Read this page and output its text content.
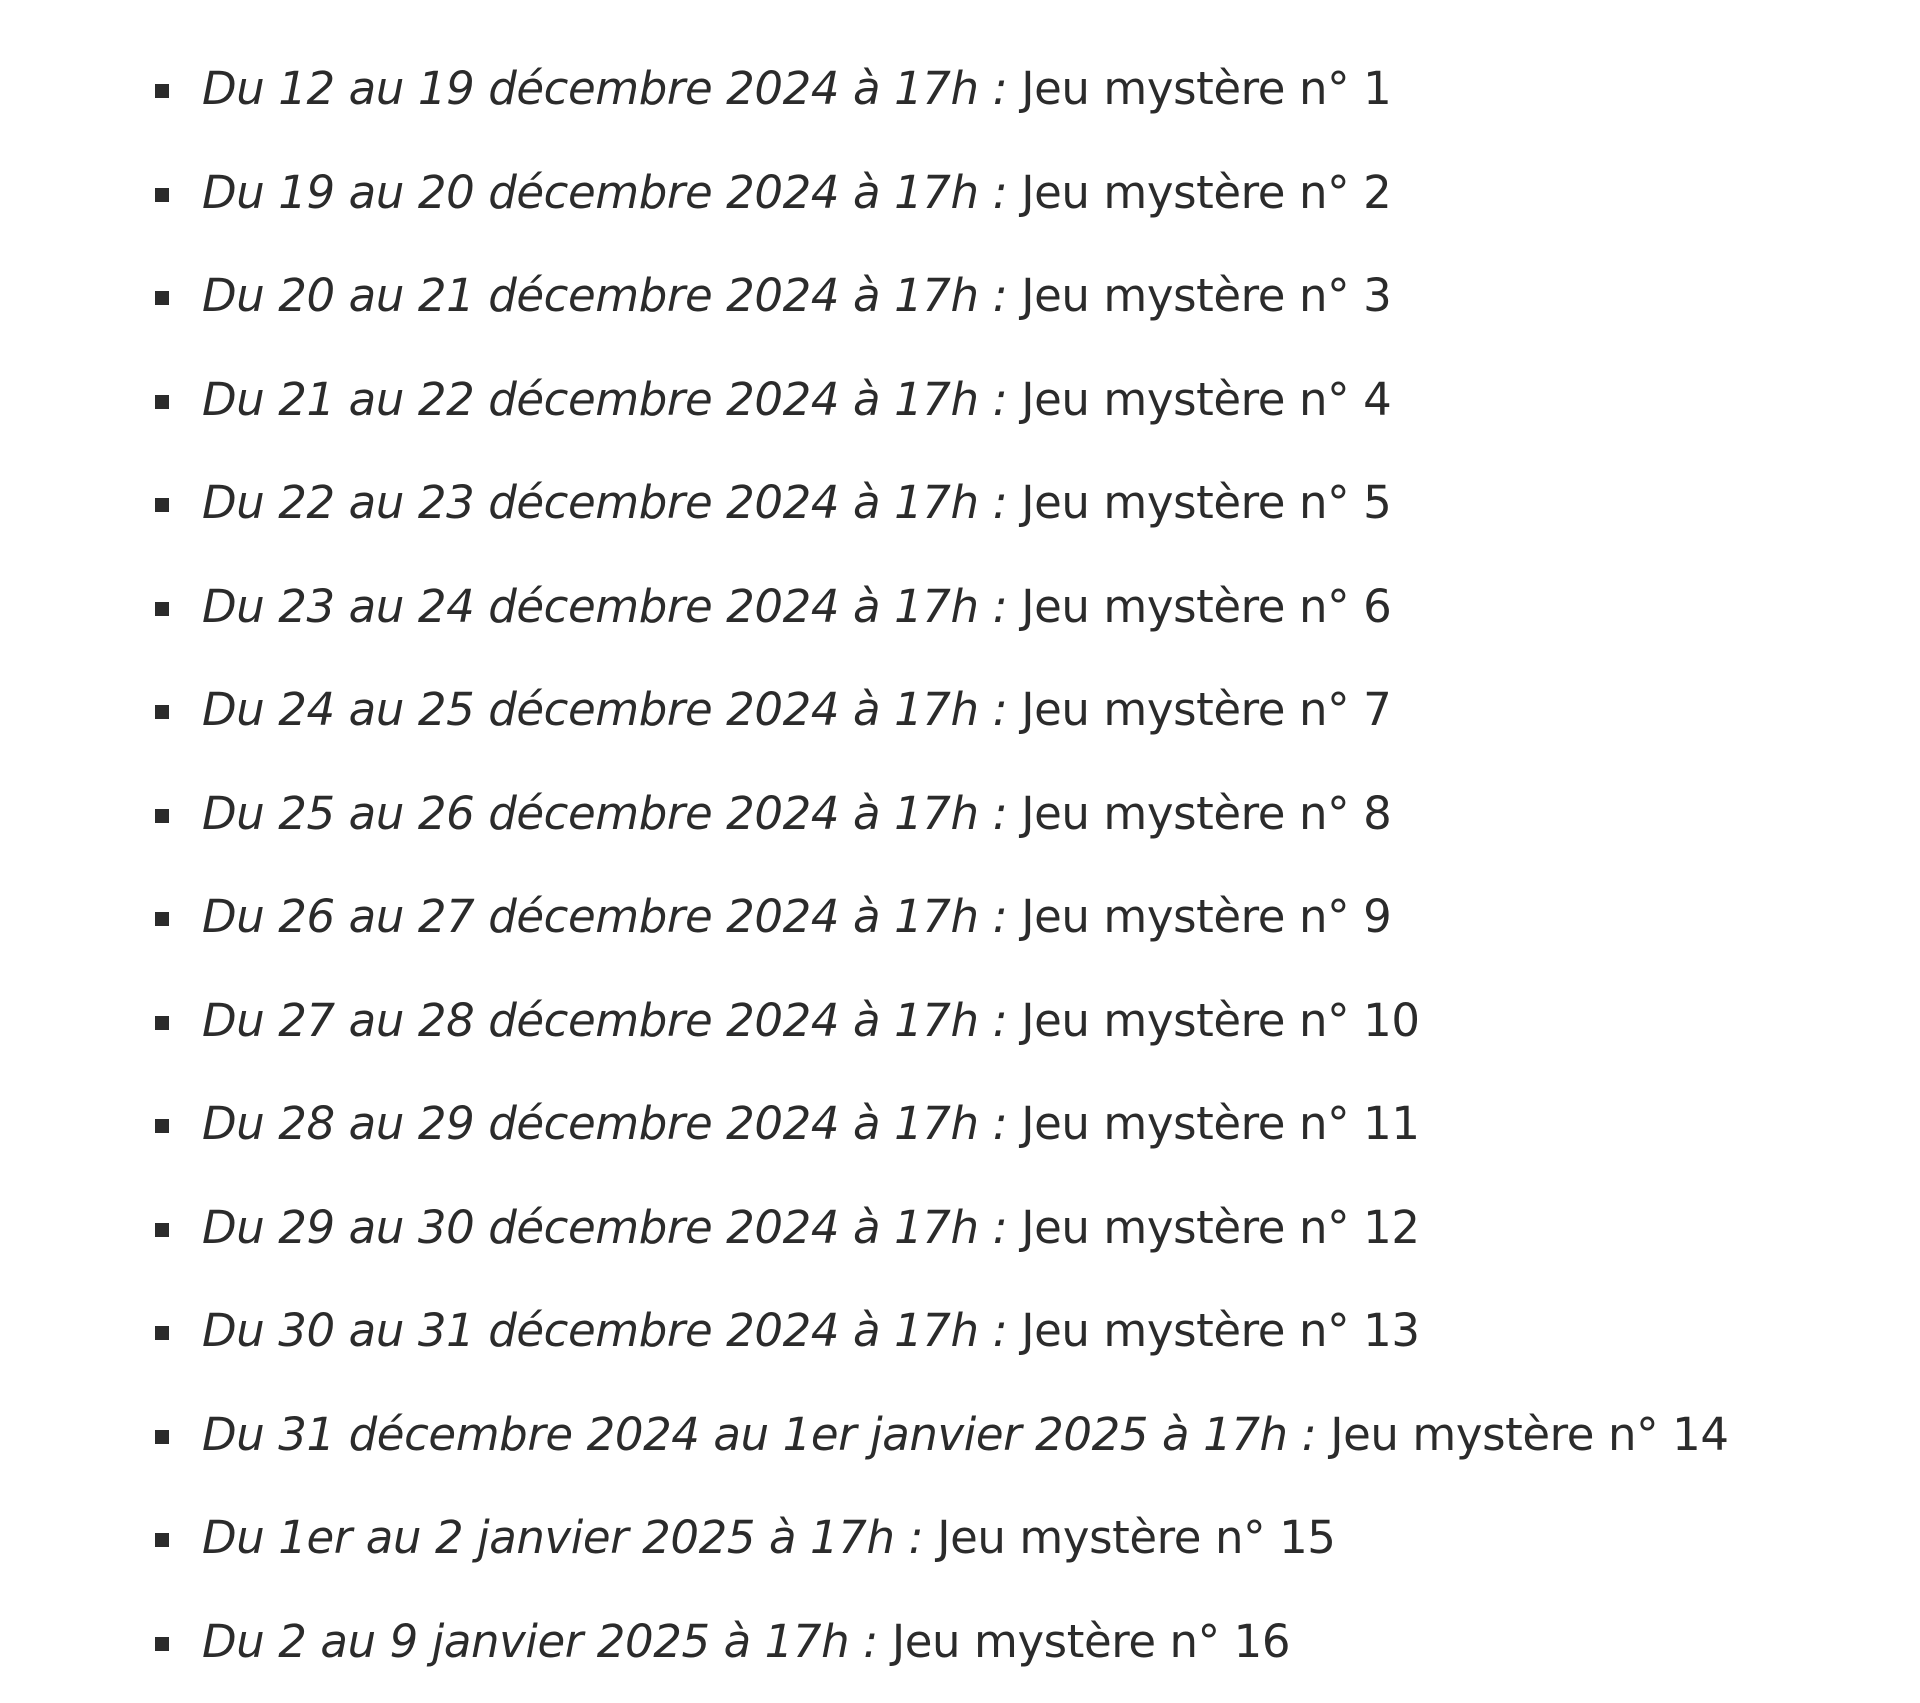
Du 12 au 19 décembre 2024 à 17h : Jeu mystère n° 1
Du 19 au 20 décembre 2024 à 17h : Jeu mystère n° 2
Du 20 au 21 décembre 2024 à 17h : Jeu mystère n° 3
Du 21 au 22 décembre 2024 à 17h : Jeu mystère n° 4
Du 22 au 23 décembre 2024 à 17h : Jeu mystère n° 5
Du 23 au 24 décembre 2024 à 17h : Jeu mystère n° 6
Du 24 au 25 décembre 2024 à 17h : Jeu mystère n° 7
Du 25 au 26 décembre 2024 à 17h : Jeu mystère n° 8
Du 26 au 27 décembre 2024 à 17h : Jeu mystère n° 9
Du 27 au 28 décembre 2024 à 17h : Jeu mystère n° 10
Du 28 au 29 décembre 2024 à 17h : Jeu mystère n° 11
Du 29 au 30 décembre 2024 à 17h : Jeu mystère n° 12
Du 30 au 31 décembre 2024 à 17h : Jeu mystère n° 13
Du 31 décembre 2024 au 1er janvier 2025 à 17h : Jeu mystère n° 14
Du 1er au 2 janvier 2025 à 17h : Jeu mystère n° 15
Du 2 au 9 janvier 2025 à 17h : Jeu mystère n° 16
